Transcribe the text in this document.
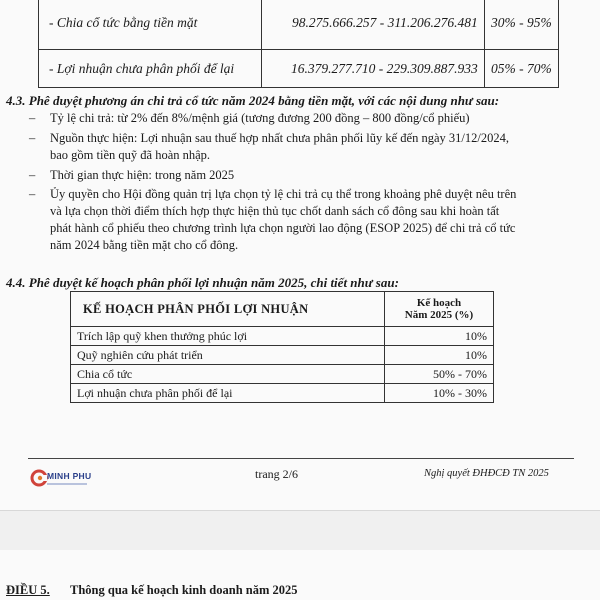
- Chia cổ tức bằng tiền mặt	98.275.666.257 - 311.206.276.481	30% - 95%
- Lợi nhuận chưa phân phối để lại	16.379.277.710 - 229.309.887.933	05% - 70%
4.3. Phê duyệt phương án chi trả cổ tức năm 2024 bằng tiền mặt, với các nội dung như sau:
– Tỷ lệ chi trả: từ 2% đến 8%/mệnh giá (tương đương 200 đồng – 800 đồng/cổ phiếu)
– Nguồn thực hiện: Lợi nhuận sau thuế hợp nhất chưa phân phối lũy kế đến ngày 31/12/2024,
bao gồm tiền quỹ đã hoàn nhập.
– Thời gian thực hiện: trong năm 2025
– Ủy quyền cho Hội đồng quản trị lựa chọn tỷ lệ chi trả cụ thể trong khoảng phê duyệt nêu trên
và lựa chọn thời điểm thích hợp thực hiện thủ tục chốt danh sách cổ đông sau khi hoàn tất
phát hành cổ phiếu theo chương trình lựa chọn người lao động (ESOP 2025) để chi trả cổ tức
năm 2024 bằng tiền mặt cho cổ đông.
4.4. Phê duyệt kế hoạch phân phối lợi nhuận năm 2025, chi tiết như sau:
KẾ HOẠCH PHÂN PHỐI LỢI NHUẬN	Kế hoạch
Năm 2025 (%)

Trích lập quỹ khen thưởng phúc lợi	10%
Quỹ nghiên cứu phát triển	10%
Chia cổ tức	50% - 70%
Lợi nhuận chưa phân phối để lại	10% - 30%
MINH PHU	trang 2/6	Nghị quyết ĐHĐCĐ TN 2025
ĐIỀU 5. Thông qua kế hoạch kinh doanh năm 2025
